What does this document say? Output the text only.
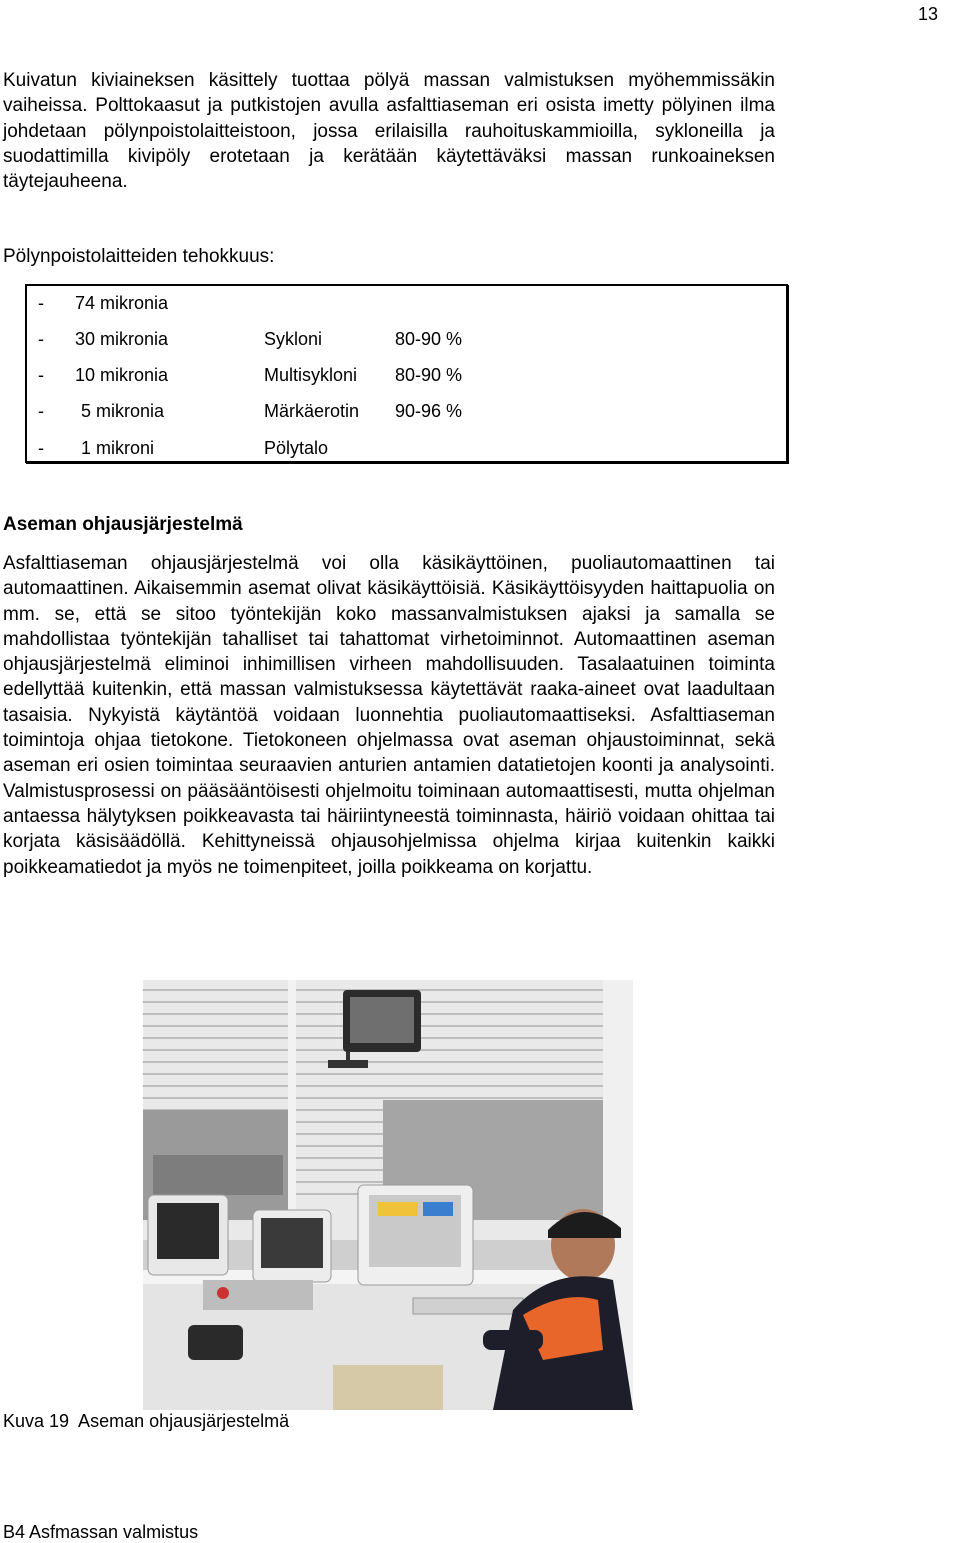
13

Kuivatun kiviaineksen käsittely tuottaa pölyä massan valmistuksen myöhemmissäkin vaiheissa. Polttokaasut ja putkistojen avulla asfalttiaseman eri osista imetty pölyinen ilma johdetaan pölynpoistolaitteistoon, jossa erilaisilla rauhoituskammioilla, sykloneilla ja suodattimilla kivipöly erotetaan ja kerätään käytettäväksi massan runkoaineksen täytejauheena.

Pölynpoistolaitteiden tehokkuus:

- 74 mikronia
- 30 mikronia	Sykloni	80-90 %
- 10 mikronia	Multisykloni 80-90 %
- 5 mikronia	Märkäerotin 90-96 %
- 1 mikroni	Pölytalo
Aseman ohjausjärjestelmä

Asfalttiaseman ohjausjärjestelmä voi olla käsikäyttöinen, puoliautomaattinen tai automaattinen. Aikaisemmin asemat olivat käsikäyttöisiä. Käsikäyttöisyyden haittapuolia on mm. se, että se sitoo työntekijän koko massanvalmistuksen ajaksi ja samalla se mahdollistaa työntekijän tahalliset tai tahattomat virhetoiminnot. Automaattinen aseman ohjausjärjestelmä eliminoi inhimillisen virheen mahdollisuuden. Tasalaatuinen toiminta edellyttää kuitenkin, että massan valmistuksessa käytettävät raaka-aineet ovat laadultaan tasaisia. Nykyistä käytäntöä voidaan luonnehtia puoliautomaattiseksi. Asfalttiaseman toimintoja ohjaa tietokone. Tietokoneen ohjelmassa ovat aseman ohjaustoiminnat, sekä aseman eri osien toimintaa seuraavien anturien antamien datatietojen koonti ja analysointi. Valmistusprosessi on pääsääntöisesti ohjelmoitu toiminaan automaattisesti, mutta ohjelman antaessa hälytyksen poikkeavasta tai häiriintyneestä toiminnasta, häiriö voidaan ohittaa tai korjata käsisäädöllä. Kehittyneissä ohjausohjelmissa ohjelma kirjaa kuitenkin kaikki poikkeamatiedot ja myös ne toimenpiteet, joilla poikkeama on korjattu.

Kuva 19  Aseman ohjausjärjestelmä
B4 Asfmassan valmistus
